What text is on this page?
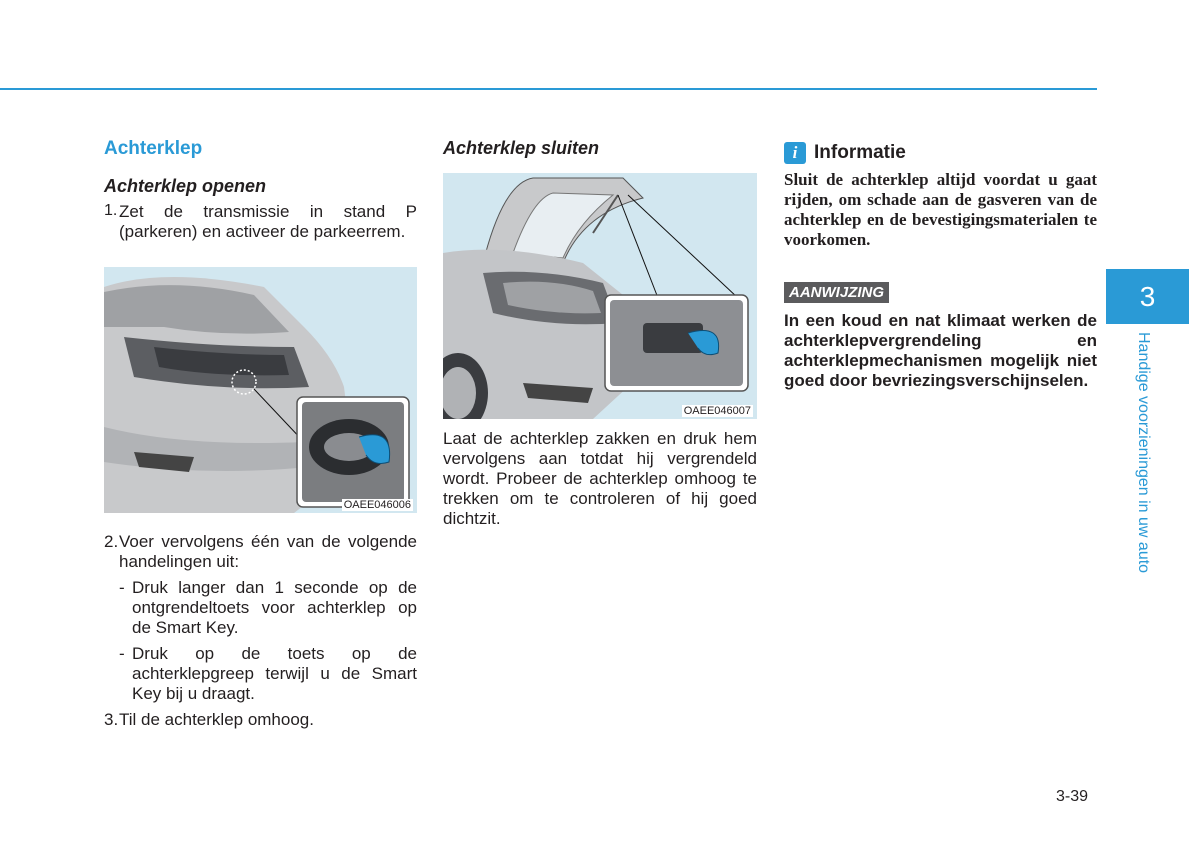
Achterklep
Achterklep openen
1. Zet de transmissie in stand P (parkeren) en activeer de parkeerrem.
OAEE046006
2. Voer vervolgens één van de volgende handelingen uit:
- Druk langer dan 1 seconde op de ontgrendeltoets voor achterklep op de Smart Key.
- Druk op de toets op de achterklepgreep terwijl u de Smart Key bij u draagt.
3. Til de achterklep omhoog.
Achterklep sluiten
OAEE046007

Laat de achterklep zakken en druk hem vervolgens aan totdat hij vergrendeld wordt. Probeer de achterklep omhoog te trekken om te controleren of hij goed dichtzit.

i Informatie
Sluit de achterklep altijd voordat u gaat rijden, om schade aan de gasveren van de achterklep en de bevestigingsmaterialen te voorkomen.
AANWIJZING
In een koud en nat klimaat werken de achterklepvergrendeling en achterklepmechanismen mogelijk niet goed door bevriezingsverschijnselen.
3
Handige voorzieningen in uw auto
3-39
